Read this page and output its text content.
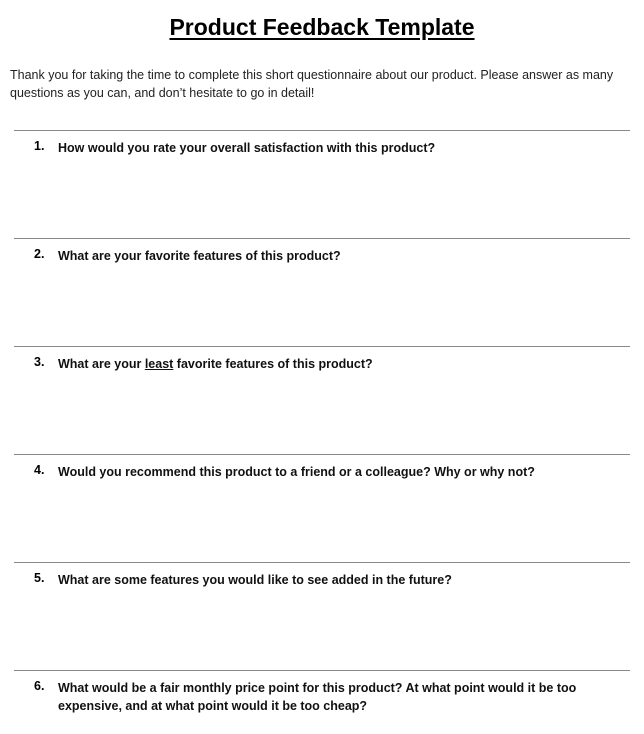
Product Feedback Template
Thank you for taking the time to complete this short questionnaire about our product. Please answer as many questions as you can, and don’t hesitate to go in detail!
1. How would you rate your overall satisfaction with this product?
2. What are your favorite features of this product?
3. What are your least favorite features of this product?
4. Would you recommend this product to a friend or a colleague? Why or why not?
5. What are some features you would like to see added in the future?
6. What would be a fair monthly price point for this product? At what point would it be too expensive, and at what point would it be too cheap?
